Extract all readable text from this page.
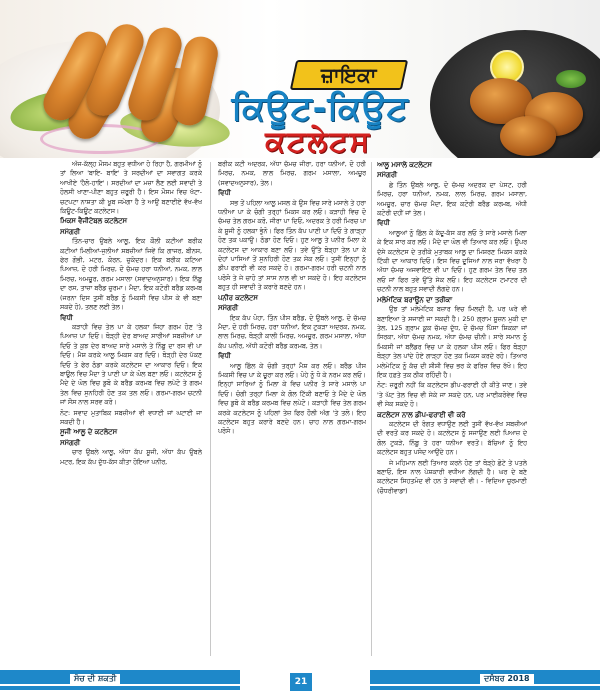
ਜ਼ਾਇਕਾ
ਕਿਊਟ-ਕਿਊਟ
ਕਟਲੇਟਸ

ਅੱਜ-ਕੱਲ੍ਹ ਮੌਸਮ ਬਹੁਤ ਵਧੀਆ ਹੋ ਰਿਹਾ ਹੈ, ਗਰਮੀਆਂ ਨੂੰ ਤਾਂ ਲਿਆ 'ਬਾਇ- ਬਾਇ' ਤੇ ਸਰਦੀਆਂ ਦਾ ਸਵਾਗਤ ਕਰਕੇ ਆਖੀਏ 'ਹੈਲੋ-ਹਾਇ'। ਸਰਦੀਆਂ ਦਾ ਮਜ਼ਾ ਲੈਣ ਲਈ ਸਵਾਦੀ ਤੇ ਹੋਲਸੀ ਖਾਣਾ-ਪੀਣਾ ਬਹੁਤ ਜ਼ਰੂਰੀ ਹੈ। ਇਸ ਮੌਸਮ ਵਿਚ ਖੱਟਾ-ਚਟਪਟਾ ਨਾਸ਼ਤਾ ਕੀ ਖੂਬ ਜਮੇਗਾ ਹੈ ਤੇ ਆਉ ਬਣਾਈਏ ਵੱਖ-ਵੱਖ ਕਿਊਟ-ਕਿਊਟ ਕਟਲੇਟਸ।

ਮਿਕਸ ਵੈਜੀਟੇਬਲ ਕਟਲੇਟਸ

ਸਮੱਗਰੀ

ਤਿੰਨ-ਚਾਰ ਉਬਲੇ ਆਲੂ, ਇਕ ਕੌਲੀ ਕਟੀਆਂ ਬਰੀਕ ਕਟੀਆਂ ਮਿਲੀਆਂ-ਜੁਲੀਆਂ ਸਬਜ਼ੀਆਂ ਜਿਵੇਂ ਕਿ ਗਾਜਰ, ਬੀਨਸ, ਫੇਰ ਗੋਭੀ, ਮਟਰ, ਕੋਰਨ, ਚੁਕੰਦਰ। ਇਕ ਬਰੀਕ ਕਟਿਆ ਪਿਆਜ਼, ਦੋ ਹਰੀ ਮਿਰਚ, ਦੋ ਚੱਮਚ ਹਰਾ ਧਨੀਆਂ, ਨਮਕ, ਲਾਲ ਮਿਰਚ, ਅਮਚੂਰ, ਗਰਮ ਮਸਾਲਾ (ਸਵਾਦਅਨੁਸਾਰ)। ਇਕ ਨਿੱਬੂ ਦਾ ਰਸ, ਤਾਜ਼ਾ ਬਰੈਡ ਚੁਰਮਾ। ਮੈਦਾ, ਇਕ ਕਟੋਰੀ ਬਰੈਡ ਕਰਮਬ (ਜਰਨਾ ਦਿਸ ਤੁਸੀਂ ਬਰੈਡ ਨੂੰ ਮਿਕਸੀ ਵਿਚ ਪੀਸ ਕੇ ਵੀ ਬਣਾ ਸਕਦੇ ਹੋ), ਤਲਣ ਲਈ ਤੇਲ।

ਵਿਧੀ

ਕੜਾਹੀ ਵਿਚ ਤੇਲ ਪਾ ਕੇ ਹਲਕਾ ਜਿਹਾ ਗਰਮ ਹੋਣ 'ਤੇ ਪਿਆਜ਼ ਪਾ ਦਿਓ। ਥੋੜ੍ਹੀ ਦੇਰ ਬਾਅਦ ਸਾਰੀਆਂ ਸਬਜ਼ੀਆਂ ਪਾ ਦਿਓ ਤੇ ਕੁਝ ਦੇਰ ਬਾਅਦ ਸਾਰੇ ਮਸਾਲੇ ਤੇ ਨਿੰਬੂ ਦਾ ਰਸ ਵੀ ਪਾ ਦਿਓ। ਮੈਸ਼ ਕਰਕੇ ਆਲੂ ਮਿਕਸ ਕਰ ਦਿਓ। ਥੋੜ੍ਹੀ ਦੇਰ ਪੱਕਣ ਦਿਓ ਤੇ ਫੇਰ ਠੰਡਾ ਕਰਕੇ ਕਟਲੇਟਸ ਦਾ ਆਕਾਰ ਦਿਓ। ਇਕ ਬਾਊਲ ਵਿਚ ਮੈਦਾ ਤੇ ਪਾਣੀ ਪਾ ਕੇ ਘੋਲ ਬਣਾ ਲਓ। ਕਟਲੇਟਸ ਨੂੰ ਮੈਦੇ ਦੇ ਘੋਲ ਵਿਚ ਡੁਬੋ ਕੇ ਬਰੈਡ ਕਰਮਬ ਵਿਚ ਲਪੇਟੋ ਤੇ ਗਰਮ ਤੇਲ ਵਿਚ ਸੁਨਹਿਰੀ ਹੋਣ ਤਕ ਤਲ ਲਓ। ਗਰਮਾ-ਗਰਮ ਚਟਨੀ ਜਾਂ ਸੌਸ ਨਾਲ ਸਰਵ ਕਰੋ।

ਨੋਟ: ਸਵਾਦ ਮੁਤਾਬਿਕ ਸਬਜ਼ੀਆਂ ਵੀ ਵਧਾਈ ਜਾਂ ਘਟਾਈ ਜਾ ਸਕਦੀ ਹੈ।

ਸੂਜੀ ਆਲੂ ਦੇ ਕਟਲੇਟਸ

ਸਮੱਗਰੀ

ਚਾਰ ਉਬਲੇ ਆਲੂ, ਅੱਧਾ ਕੱਪ ਸੂਜੀ, ਅੱਧਾ ਕੱਪ ਉਬਲੇ ਮਟਰ, ਇਕ ਕੱਪ ਦੁੱਧ-ਕੱਸ ਕੀਤਾ ਹੋਇਆ ਪਨੀਰ,

ਬਰੀਕ ਕਟੀ ਅਦਰਕ, ਅੱਧਾ ਚੱਮਚ ਜੀਰਾ, ਹਰਾ ਧਨੀਆਂ, ਦੋ ਹਰੀ ਮਿਰਚ, ਨਮਕ, ਲਾਲ ਮਿਰਚ, ਗਰਮ ਮਸਾਲਾ, ਅਮਚੂਰ (ਸਵਾਦਅਨੁਸਾਰ), ਤੇਲ।

ਵਿਧੀ

ਸਭ ਤੋਂ ਪਹਿਲਾ ਆਲੂ ਮਸਲ ਕੇ ਉਸ ਵਿਚ ਸਾਰੇ ਮਸਾਲੇ ਤੇ ਹਰਾ ਧਨੀਆ ਪਾ ਕੇ ਚੰਗੀ ਤਰ੍ਹਾਂ ਮਿਕਸ ਕਰ ਲਓ। ਕੜਾਹੀ ਵਿਚ ਦੋ ਚੱਮਚ ਤੇਲ ਗਰਮ ਕਰੋ, ਜੀਰਾ ਪਾ ਦਿਓ, ਅਦਰਕ ਤੇ ਹਰੀ ਮਿਰਚ ਪਾ ਕੇ ਸੂਜੀ ਨੂੰ ਹਲਕਾ ਭੁੰਨੋ। ਫਿਰ ਤਿੰਨ ਕੱਪ ਪਾਣੀ ਪਾ ਦਿਓ ਤੇ ਗਾੜ੍ਹਾ ਹੋਣ ਤਕ ਪਕਾਉ। ਠੰਡਾ ਹੋਣ ਦਿਓ। ਹੁਣ ਆਲੂ ਤੇ ਪਨੀਰ ਮਿਲਾ ਕੇ ਕਟਲੇਟਸ ਦਾ ਆਕਾਰ ਬਣਾ ਲਓ। ਤਵੇ ਉੱਤੇ ਥੋੜ੍ਹਾ ਤੇਲ ਪਾ ਕੇ ਦੋਹਾਂ ਪਾਸਿਆਂ ਤੋਂ ਸੁਨਹਿਰੀ ਹੋਣ ਤਕ ਸੇਕ ਲਓ। ਤੁਸੀਂ ਇਨ੍ਹਾਂ ਨੂੰ ਡੀਪ ਫਰਾਈ ਵੀ ਕਰ ਸਕਦੇ ਹੋ। ਗਰਮਾ-ਗਰਮ ਹਰੀ ਚਟਨੀ ਨਾਲ ਪਰੋਸੋ ਤੇ ਜੇ ਚਾਹੋ ਤਾਂ ਸਾਸ ਨਾਲ ਵੀ ਖਾ ਸਕਦੇ ਹੋ। ਇਹ ਕਟਲੇਟਸ ਬਹੁਤ ਹੀ ਸਵਾਦੀ ਤੇ ਕਰਾਰੇ ਬਣਦੇ ਹਨ।

ਪਨੀਰ ਕਟਲੇਟਸ

ਸਮੱਗਰੀ

ਇਕ ਕੱਪ ਪੋਹਾ, ਤਿੰਨ ਪੀਸ ਬਰੈਡ, ਦੋ ਉਬਲੇ ਆਲੂ, ਦੋ ਚੱਮਚ ਮੈਦਾ, ਦੋ ਹਰੀ ਮਿਰਚ, ਹਰਾ ਧਨੀਆਂ, ਇਕ ਟੁਕੜਾ ਅਦਰਕ, ਨਮਕ, ਲਾਲ ਮਿਰਚ, ਥੋੜ੍ਹੀ ਕਾਲੀ ਮਿਰਚ, ਅਮਚੂਰ, ਗਰਮ ਮਸਾਲਾ, ਅੱਧਾ ਕੱਪ ਪਨੀਰ, ਅੱਧੀ ਕਟੋਰੀ ਬਰੈਡ ਕਰਮਬ, ਤੇਲ।

ਵਿਧੀ

ਆਲੂ ਛਿੱਲ ਕੇ ਚੰਗੀ ਤਰ੍ਹਾਂ ਮੈਸ਼ ਕਰ ਲਓ। ਬਰੈਡ ਪੀਸ ਮਿਕਸੀ ਵਿਚ ਪਾ ਕੇ ਚੂਰਾ ਕਰ ਲਓ। ਪੋਹੇ ਨੂੰ ਧੋ ਕੇ ਨਰਮ ਕਰ ਲਓ। ਇਨ੍ਹਾਂ ਸਾਰਿਆਂ ਨੂੰ ਮਿਲਾ ਕੇ ਵਿਚ ਪਨੀਰ ਤੇ ਸਾਰੇ ਮਸਾਲੇ ਪਾ ਦਿਓ। ਚੰਗੀ ਤਰ੍ਹਾਂ ਮਿਲਾ ਕੇ ਗੋਲ ਟਿੱਕੀ ਬਣਾਓ ਤੇ ਮੈਦੇ ਦੇ ਘੋਲ ਵਿਚ ਡੁਬੋ ਕੇ ਬਰੈਡ ਕਰਮਬ ਵਿਚ ਲਪੇਟੋ। ਕੜਾਹੀ ਵਿਚ ਤੇਲ ਗਰਮ ਕਰਕੇ ਕਟਲੇਟਸ ਨੂੰ ਪਹਿਲਾਂ ਤੇਜ਼ ਫਿਰ ਹੌਲੀ ਅੱਗ 'ਤੇ ਤਲੋ। ਇਹ ਕਟਲੇਟਸ ਬਹੁਤ ਕਰਾਰੇ ਬਣਦੇ ਹਨ। ਚਾਹ ਨਾਲ ਗਰਮਾ-ਗਰਮ ਪਰੋਸੋ।

ਆਲੂ ਮਸਾਲੇ ਕਟਲੇਟਸ

ਸਮੱਗਰੀ

ਛੇ ਤਿੰਨ ਉਬਲੇ ਆਲੂ, ਦੋ ਚੱਮਚ ਅਦਰਕ ਦਾ ਪੇਸਟ, ਹਰੀ ਮਿਰਚ, ਹਰਾ ਧਨੀਆਂ, ਨਮਕ, ਲਾਲ ਮਿਰਚ, ਗਰਮ ਮਸਾਲਾ, ਅਮਚੂਰ, ਚਾਰ ਚੱਮਚ ਮੈਦਾ, ਇਕ ਕਟੋਰੀ ਬਰੈਡ ਕਰਮਬ, ਅੱਧੀ ਕਟੋਰੀ ਦਹੀਂ ਜਾਂ ਤੇਲ।

ਵਿਧੀ

ਆਲੂਆਂ ਨੂੰ ਛਿੱਲ ਕੇ ਕੱਦੂ-ਕੱਸ ਕਰ ਲਓ ਤੇ ਸਾਰੇ ਮਸਾਲੇ ਮਿਲਾ ਕੇ ਇਕ ਸਾਰ ਕਰ ਲਓ। ਮੈਦੇ ਦਾ ਘੋਲ ਵੀ ਤਿਆਰ ਕਰ ਲਓ। ਉਪਰ ਦੱਸੇ ਕਟਲੇਟਸ ਦੇ ਤਰੀਕੇ ਮੁਤਾਬਕ ਆਲੂ ਦਾ ਮਿਸ਼ਰਣ ਮਿਕਸ ਕਰਕੇ ਟਿੱਕੀ ਦਾ ਆਕਾਰ ਦਿਓ। ਇਸ ਵਿਚ ਦੂਜਿਆਂ ਨਾਲ ਜਰਾ ਵੱਖਰਾ ਹੈ ਅੱਧਾ ਚੱਮਚ ਅਜਵਾਇਣ ਵੀ ਪਾ ਦਿਓ। ਹੁਣ ਗਰਮ ਤੇਲ ਵਿਚ ਤਲ ਲਓ ਜਾਂ ਫਿਰ ਤਵੇ ਉੱਤੇ ਸੇਕ ਲਓ। ਇਹ ਕਟਲੇਟਸ ਟਮਾਟਰ ਦੀ ਚਟਨੀ ਨਾਲ ਬਹੁਤ ਸਵਾਦੀ ਲੱਗਦੇ ਹਨ।

ਮਲੇਮੇਟਿਕ ਬਰਾਊਨ ਦਾ ਤਰੀਕਾ

ਉਝ ਤਾਂ ਮਲੇਮੇਟਿਕ ਬਜ਼ਾਰ ਵਿਚ ਮਿਲਦੀ ਹੈ, ਪਰ ਘਰੇ ਵੀ ਬਣਾਇਆ ਤੇ ਸਜਾਈ ਜਾ ਸਕਦੀ ਹੈ। 250 ਗ੍ਰਾਮ ਸੂਜ਼ਨ ਮੁਕੀ ਦਾ ਤੇਲ, 125 ਗ੍ਰਾਮ ਕੂਕ ਚੱਮਚ ਦੁੱਧ, ਦੋ ਚੱਮਚ ਪਿੱਸਾ ਸ਼ਿਕਕਾ ਜਾਂ ਸਿਰਕਾ, ਅੱਧਾ ਚੱਮਚ ਨਮਕ, ਅੱਧਾ ਚੱਮਚ ਚੀਨੀ। ਸਾਰੇ ਸਮਾਨ ਨੂੰ ਮਿਕਸੀ ਜਾਂ ਬਲੈਂਡਰ ਵਿਚ ਪਾ ਕੇ ਹਲਕਾ ਪੀਸ ਲਓ। ਫਿਰ ਥੋੜ੍ਹਾ ਥੋੜ੍ਹਾ ਤੇਲ ਪਾਂਦੇ ਹੋਏ ਗਾੜ੍ਹਾ ਹੋਣ ਤਕ ਮਿਕਸ ਕਰਦੇ ਰਹੋ। ਤਿਆਰ ਮਲੇਮੇਟਿਕ ਨੂੰ ਕੱਚ ਦੀ ਸ਼ੀਸ਼ੀ ਵਿਚ ਭਰ ਕੇ ਫਰਿਜ਼ ਵਿਚ ਰੱਖੋ। ਇਹ ਇਕ ਹਫ਼ਤੇ ਤਕ ਠੀਕ ਰਹਿੰਦੀ ਹੈ।

ਨੋਟ: ਜ਼ਰੂਰੀ ਨਹੀਂ ਕਿ ਕਟਲੇਟਸ ਡੀਪ-ਫਰਾਈ ਹੀ ਕੀਤੇ ਜਾਣ। ਤਵੇ 'ਤੇ ਘੱਟ ਤੇਲ ਵਿਚ ਵੀ ਸੇਕੇ ਜਾ ਸਕਦੇ ਹਨ, ਪਰ ਮਾਈਕਰੋਵੇਵ ਵਿਚ ਵੀ ਸੇਕ ਸਕਦੇ ਹੋ।

ਕਟਲੇਟਸ ਨਾਲ ਡੀਪ-ਫਰਾਈ ਵੀ ਕਰੋ

ਕਟਲੇਟਸ ਦੀ ਰੰਗਤ ਵਧਾਉਣ ਲਈ ਤੁਸੀਂ ਵੱਖ-ਵੱਖ ਸਬਜ਼ੀਆਂ ਦੀ ਵਰਤੋਂ ਕਰ ਸਕਦੇ ਹੋ। ਕਟਲੇਟਸ ਨੂੰ ਸਜਾਉਣ ਲਈ ਪਿਆਜ਼ ਦੇ ਗੋਲ ਟੁਕੜੇ, ਨਿੰਬੂ ਤੇ ਹਰਾ ਧਨੀਆ ਵਰਤੋਂ। ਬੱਚਿਆਂ ਨੂੰ ਇਹ ਕਟਲੇਟਸ ਬਹੁਤ ਪਸੰਦ ਆਉਂਦੇ ਹਨ।

ਜੇ ਮਹਿਮਾਨ ਲਈ ਤਿਆਰ ਕਰਨੇ ਹੋਣ ਤਾਂ ਥੋੜ੍ਹੇ ਛੋਟੇ ਤੇ ਪਤਲੇ ਬਣਾਓ, ਇਸ ਨਾਲ ਪੇਸ਼ਕਾਰੀ ਵਧੀਆ ਲੱਗਦੀ ਹੈ। ਘਰ ਦੇ ਬਣੇ ਕਟਲੇਟਸ ਸਿਹਤਮੰਦ ਵੀ ਹਨ ਤੇ ਸਵਾਦੀ ਵੀ। - ਵਿਦਿਆ ਚੁਰਮਾਣੀ (ਚੌਧਰੀਵਾਡਾ)

ਸੋਚ ਦੀ ਸ਼ਕਤੀ	21	ਦਸੰਬਰ 2018
